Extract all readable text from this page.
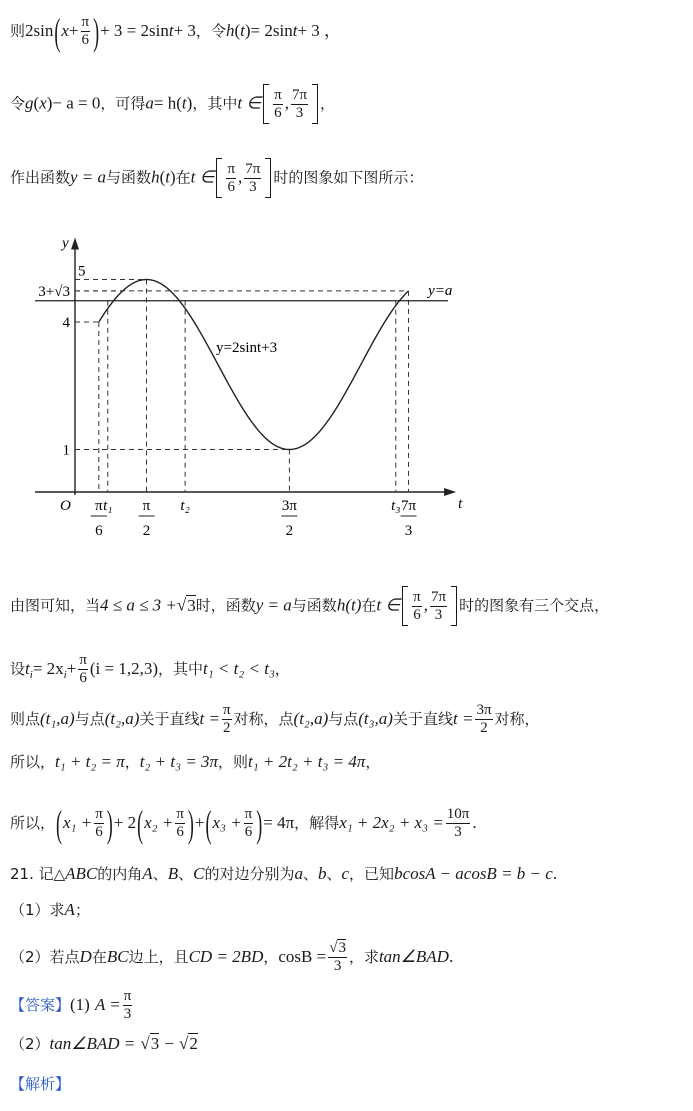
则$2\sin(x+ \frac{\pi}{6}$ )+ 3 = 2sint+ 3，令h(t)= 2sint+ 3 ，
令g(x)− a = 0，可得a= h(t)，其中t ∈ $\frac{\pi}{6}$ , $\frac{7\pi}{3}$ ，
作出函数y = a与函数h(t)在t ∈ $\frac{\pi}{6}$ , $\frac{7\pi}{3}$ 时的图象如下图所示：
t
y
O
y=a
y=2sint+3
1
4
3+√3
5
π
6
t₁ π
2
t₂	3π
2
t₃ 7π
3
由图可知，当4 ≤ a ≤ 3 +√3时，函数y = a与函数h(t)在t ∈ $\frac{\pi}{6}$ , $\frac{7\pi}{3}$ 时的图象有三个交点，
设$t_i= 2x_i+ \frac{\pi}{6} (i = 1,2,3)$，其中t₁ < t₂ < t₃，
则点(t₁,a)与点(t₂,a)关于直线$t = \frac{\pi}{2}$ 对称，点(t₂,a)与点(t₃,a)关于直线$t = \frac{3\pi}{2}$ 对称，
所以，t₁ + t₂ = π，t₂ + t₃ = 3π，则t₁ + 2t₂ + t₃ = 4π，
所以，($x_1 + \frac{\pi}{6}$ )+ $2(x_2 + \frac{\pi}{6} )+(x_3 + \frac{\pi}{6}$ )= 4π，解得$x_1 + 2x_2 + x_3 = \frac{10\pi}{3}$ .
21. 记△ABC的内角A、B、C的对边分别为a、b、c，已知bcosA − acosB = b − c.
（1）求A；
（2）若点D在BC边上，且CD = 2BD，$\cos B = \frac{√3}{3}$ ，求tan∠BAD.
【答案】(1) $A = \frac{\pi}{3}$
（2）tan∠BAD = √3 − √2
【解析】
